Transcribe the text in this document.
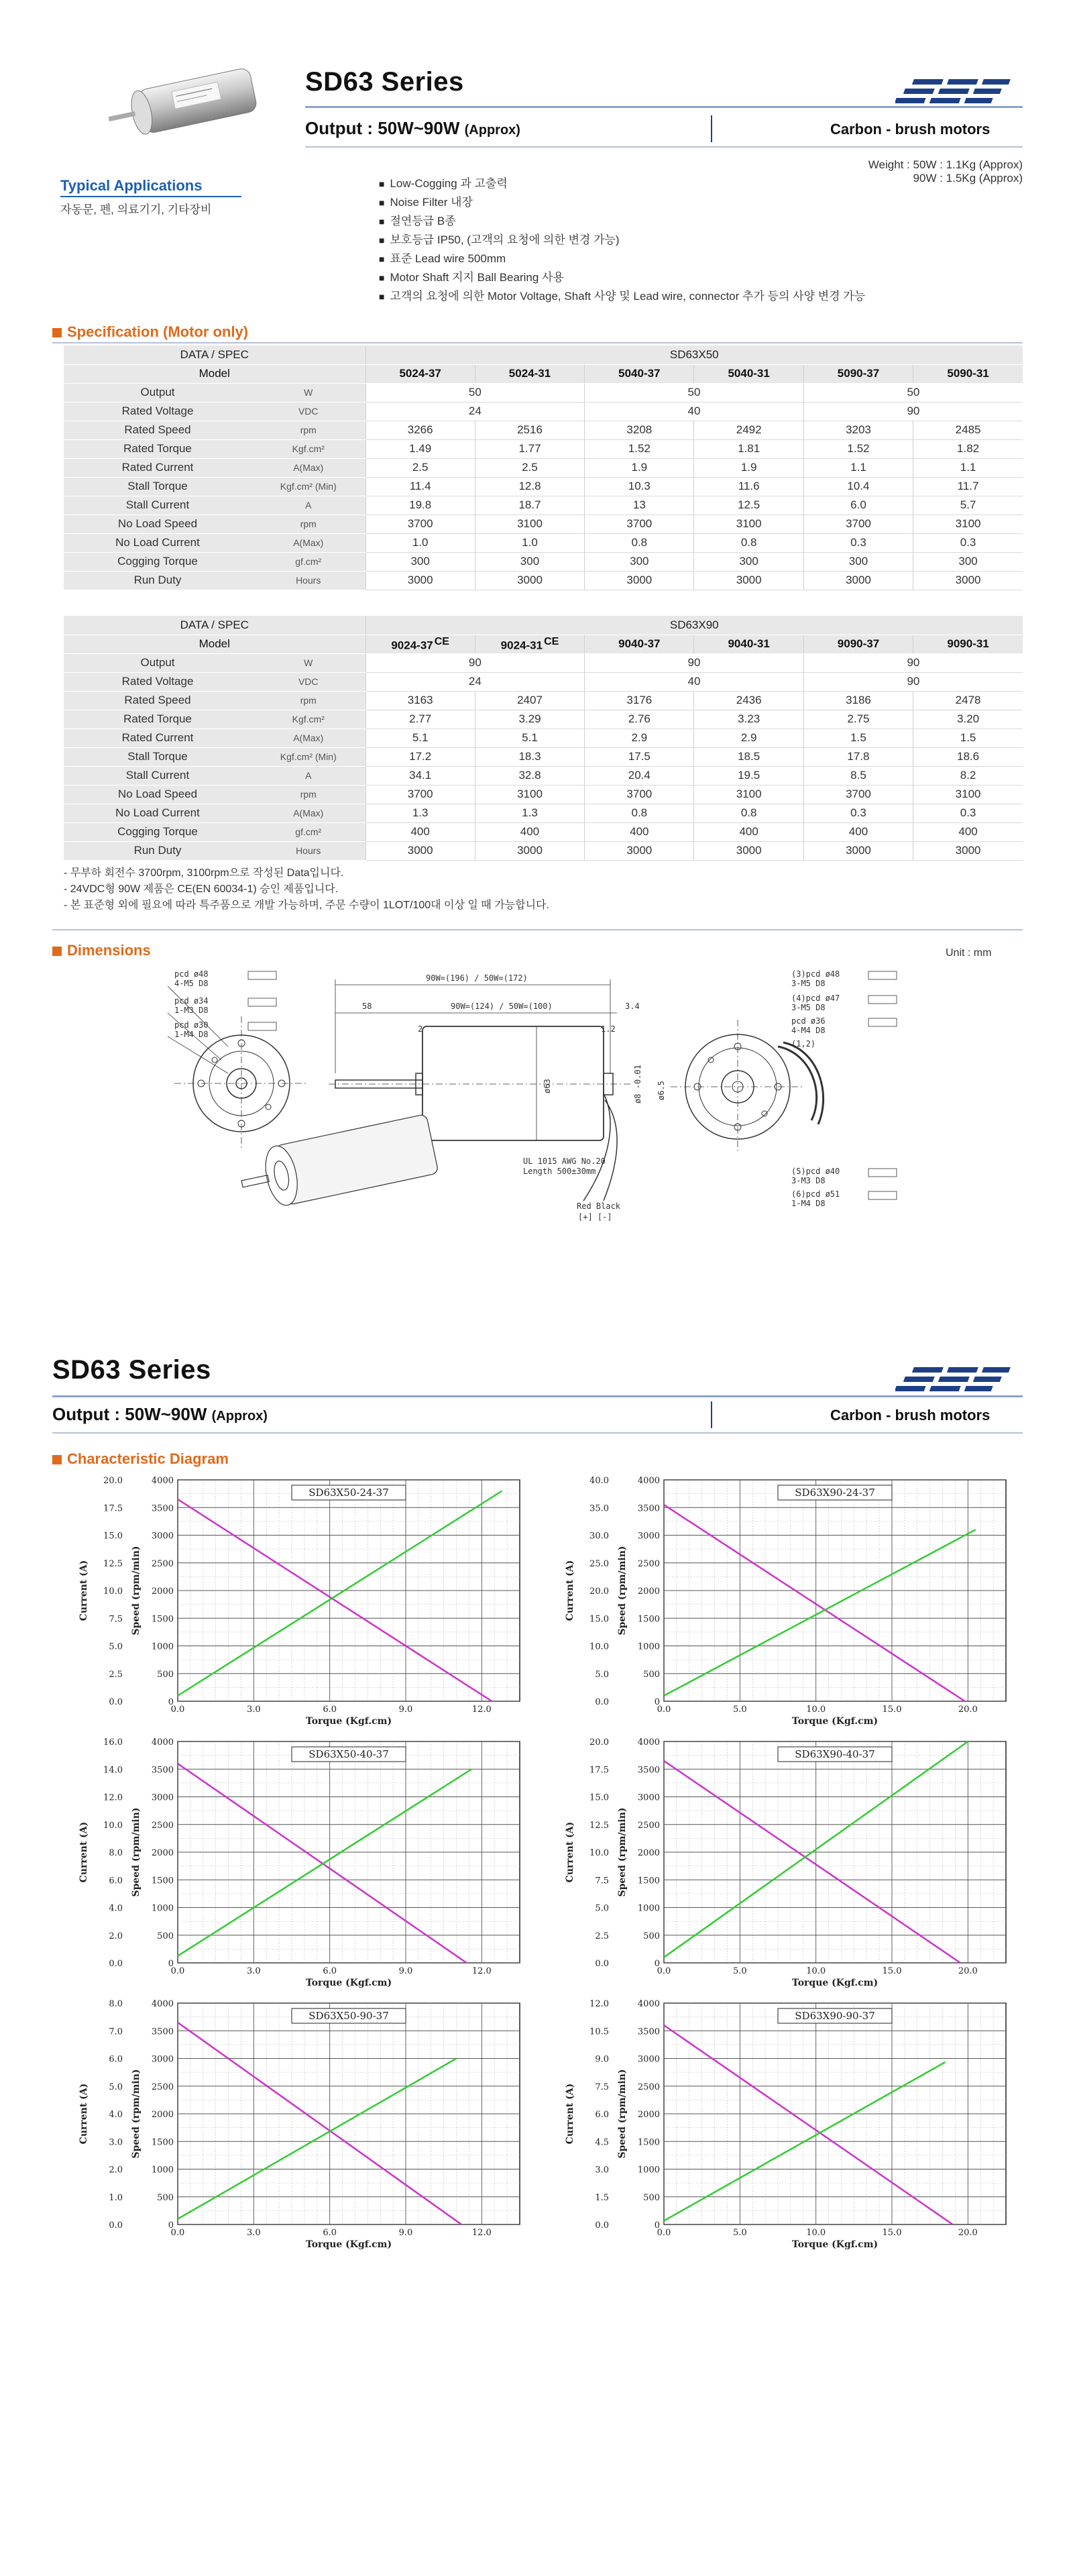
SD63 Series
Output : 50W~90W (Approx)	Carbon - brush motors
Typical Applications
자동문, 펜, 의료기기, 기타장비
Weight : 50W : 1.1Kg (Approx)
90W : 1.5Kg (Approx)
■ Low-Cogging 과 고출력
■ Noise Filter 내장
■ 절연등급 B종
■ 보호등급 IP50, (고객의 요청에 의한 변경 가능)
■ 표준 Lead wire 500mm
■ Motor Shaft 지지 Ball Bearing 사용
■ 고객의 요청에 의한 Motor Voltage, Shaft 사양 및 Lead wire, connector 추가 등의 사양 변경 가능
Specification (Motor only)
DATA / SPEC		SD63X50					
Model		5024-37	5024-31	5040-37	5040-31	5090-37	5090-31
Output	W	50		50		50	
Rated Voltage	VDC	24		40		90	
Rated Speed	rpm	3266	2516	3208	2492	3203	2485
Rated Torque	Kgf.cm²	1.49	1.77	1.52	1.81	1.52	1.82
Rated Current	A(Max)	2.5	2.5	1.9	1.9	1.1	1.1
Stall Torque	Kgf.cm² (Min)	11.4	12.8	10.3	11.6	10.4	11.7
Stall Current	A	19.8	18.7	13	12.5	6.0	5.7
No Load Speed	rpm	3700	3100	3700	3100	3700	3100
No Load Current	A(Max)	1.0	1.0	0.8	0.8	0.3	0.3
Cogging Torque	gf.cm²	300	300	300	300	300	300
Run Duty	Hours	3000	3000	3000	3000	3000	3000
DATA / SPEC		SD63X90					
Model		9024-37 CE	9024-31 CE	9040-37	9040-31	9090-37	9090-31
Output	W	90		90		90	
Rated Voltage	VDC	24		40		90	
Rated Speed	rpm	3163	2407	3176	2436	3186	2478
Rated Torque	Kgf.cm²	2.77	3.29	2.76	3.23	2.75	3.20
Rated Current	A(Max)	5.1	5.1	2.9	2.9	1.5	1.5
Stall Torque	Kgf.cm² (Min)	17.2	18.3	17.5	18.5	17.8	18.6
Stall Current	A	34.1	32.8	20.4	19.5	8.5	8.2
No Load Speed	rpm	3700	3100	3700	3100	3700	3100
No Load Current	A(Max)	1.3	1.3	0.8	0.8	0.3	0.3
Cogging Torque	gf.cm²	400	400	400	400	400	400
Run Duty	Hours	3000	3000	3000	3000	3000	3000
- 무부하 회전수 3700rpm, 3100rpm으로 작성된 Data입니다.
- 24VDC형 90W 제품은 CE(EN 60034-1) 승인 제품입니다.
- 본 표준형 외에 필요에 따라 특주품으로 개발 가능하며, 주문 수량이 1LOT/100대 이상 일 때 가능합니다.
Dimensions	Unit : mm
pcd ø48
4-M5 D8
pcd ø34
1-M3 D8
pcd ø30
1-M4 D8
90W=(196) / 50W=(172)
58	90W=(124) / 50W=(100)	3.4
2	1.2
ø63	ø8 -0.01 ø6.5
UL 1015 AWG No.20
Length 500±30mm
Red Black
[+] [-]
(3)pcd ø48
3-M5 D8
(4)pcd ø47
3-M5 D8
pcd ø36
4-M4 D8
(1,2)
(5)pcd ø40
3-M3 D8
(6)pcd ø51
1-M4 D8
SD63 Series
Output : 50W~90W (Approx)	Carbon - brush motors
Characteristic Diagram
0.0	3.0	6.0	9.0	12.0
0
500
1000
1500
2000
2500
3000
3500
4000
0.0
2.5
5.0
7.5
10.0
12.5
15.0
17.5
20.0
Torque (Kgf.cm)
Speed (rpm/min)
Current (A)
SD63X50-24-37
0.0	5.0	10.0	15.0	20.0
0
500
1000
1500
2000
2500
3000
3500
4000
0.0
5.0
10.0
15.0
20.0
25.0
30.0
35.0
40.0
Torque (Kgf.cm)
Speed (rpm/min)
Current (A)
SD63X90-24-37
0.0	3.0	6.0	9.0	12.0
0
500
1000
1500
2000
2500
3000
3500
4000
0.0
2.0
4.0
6.0
8.0
10.0
12.0
14.0
16.0
Torque (Kgf.cm)
Speed (rpm/min)
Current (A)
SD63X50-40-37
0.0	5.0	10.0	15.0	20.0
0
500
1000
1500
2000
2500
3000
3500
4000
0.0
2.5
5.0
7.5
10.0
12.5
15.0
17.5
20.0
Torque (Kgf.cm)
Speed (rpm/min)
Current (A)
SD63X90-40-37
0.0	3.0	6.0	9.0	12.0
0
500
1000
1500
2000
2500
3000
3500
4000
0.0
1.0
2.0
3.0
4.0
5.0
6.0
7.0
8.0
Torque (Kgf.cm)
Speed (rpm/min)
Current (A)
SD63X50-90-37
0.0	5.0	10.0	15.0	20.0
0
500
1000
1500
2000
2500
3000
3500
4000
0.0
1.5
3.0
4.5
6.0
7.5
9.0
10.5
12.0
Torque (Kgf.cm)
Speed (rpm/min)
Current (A)
SD63X90-90-37
